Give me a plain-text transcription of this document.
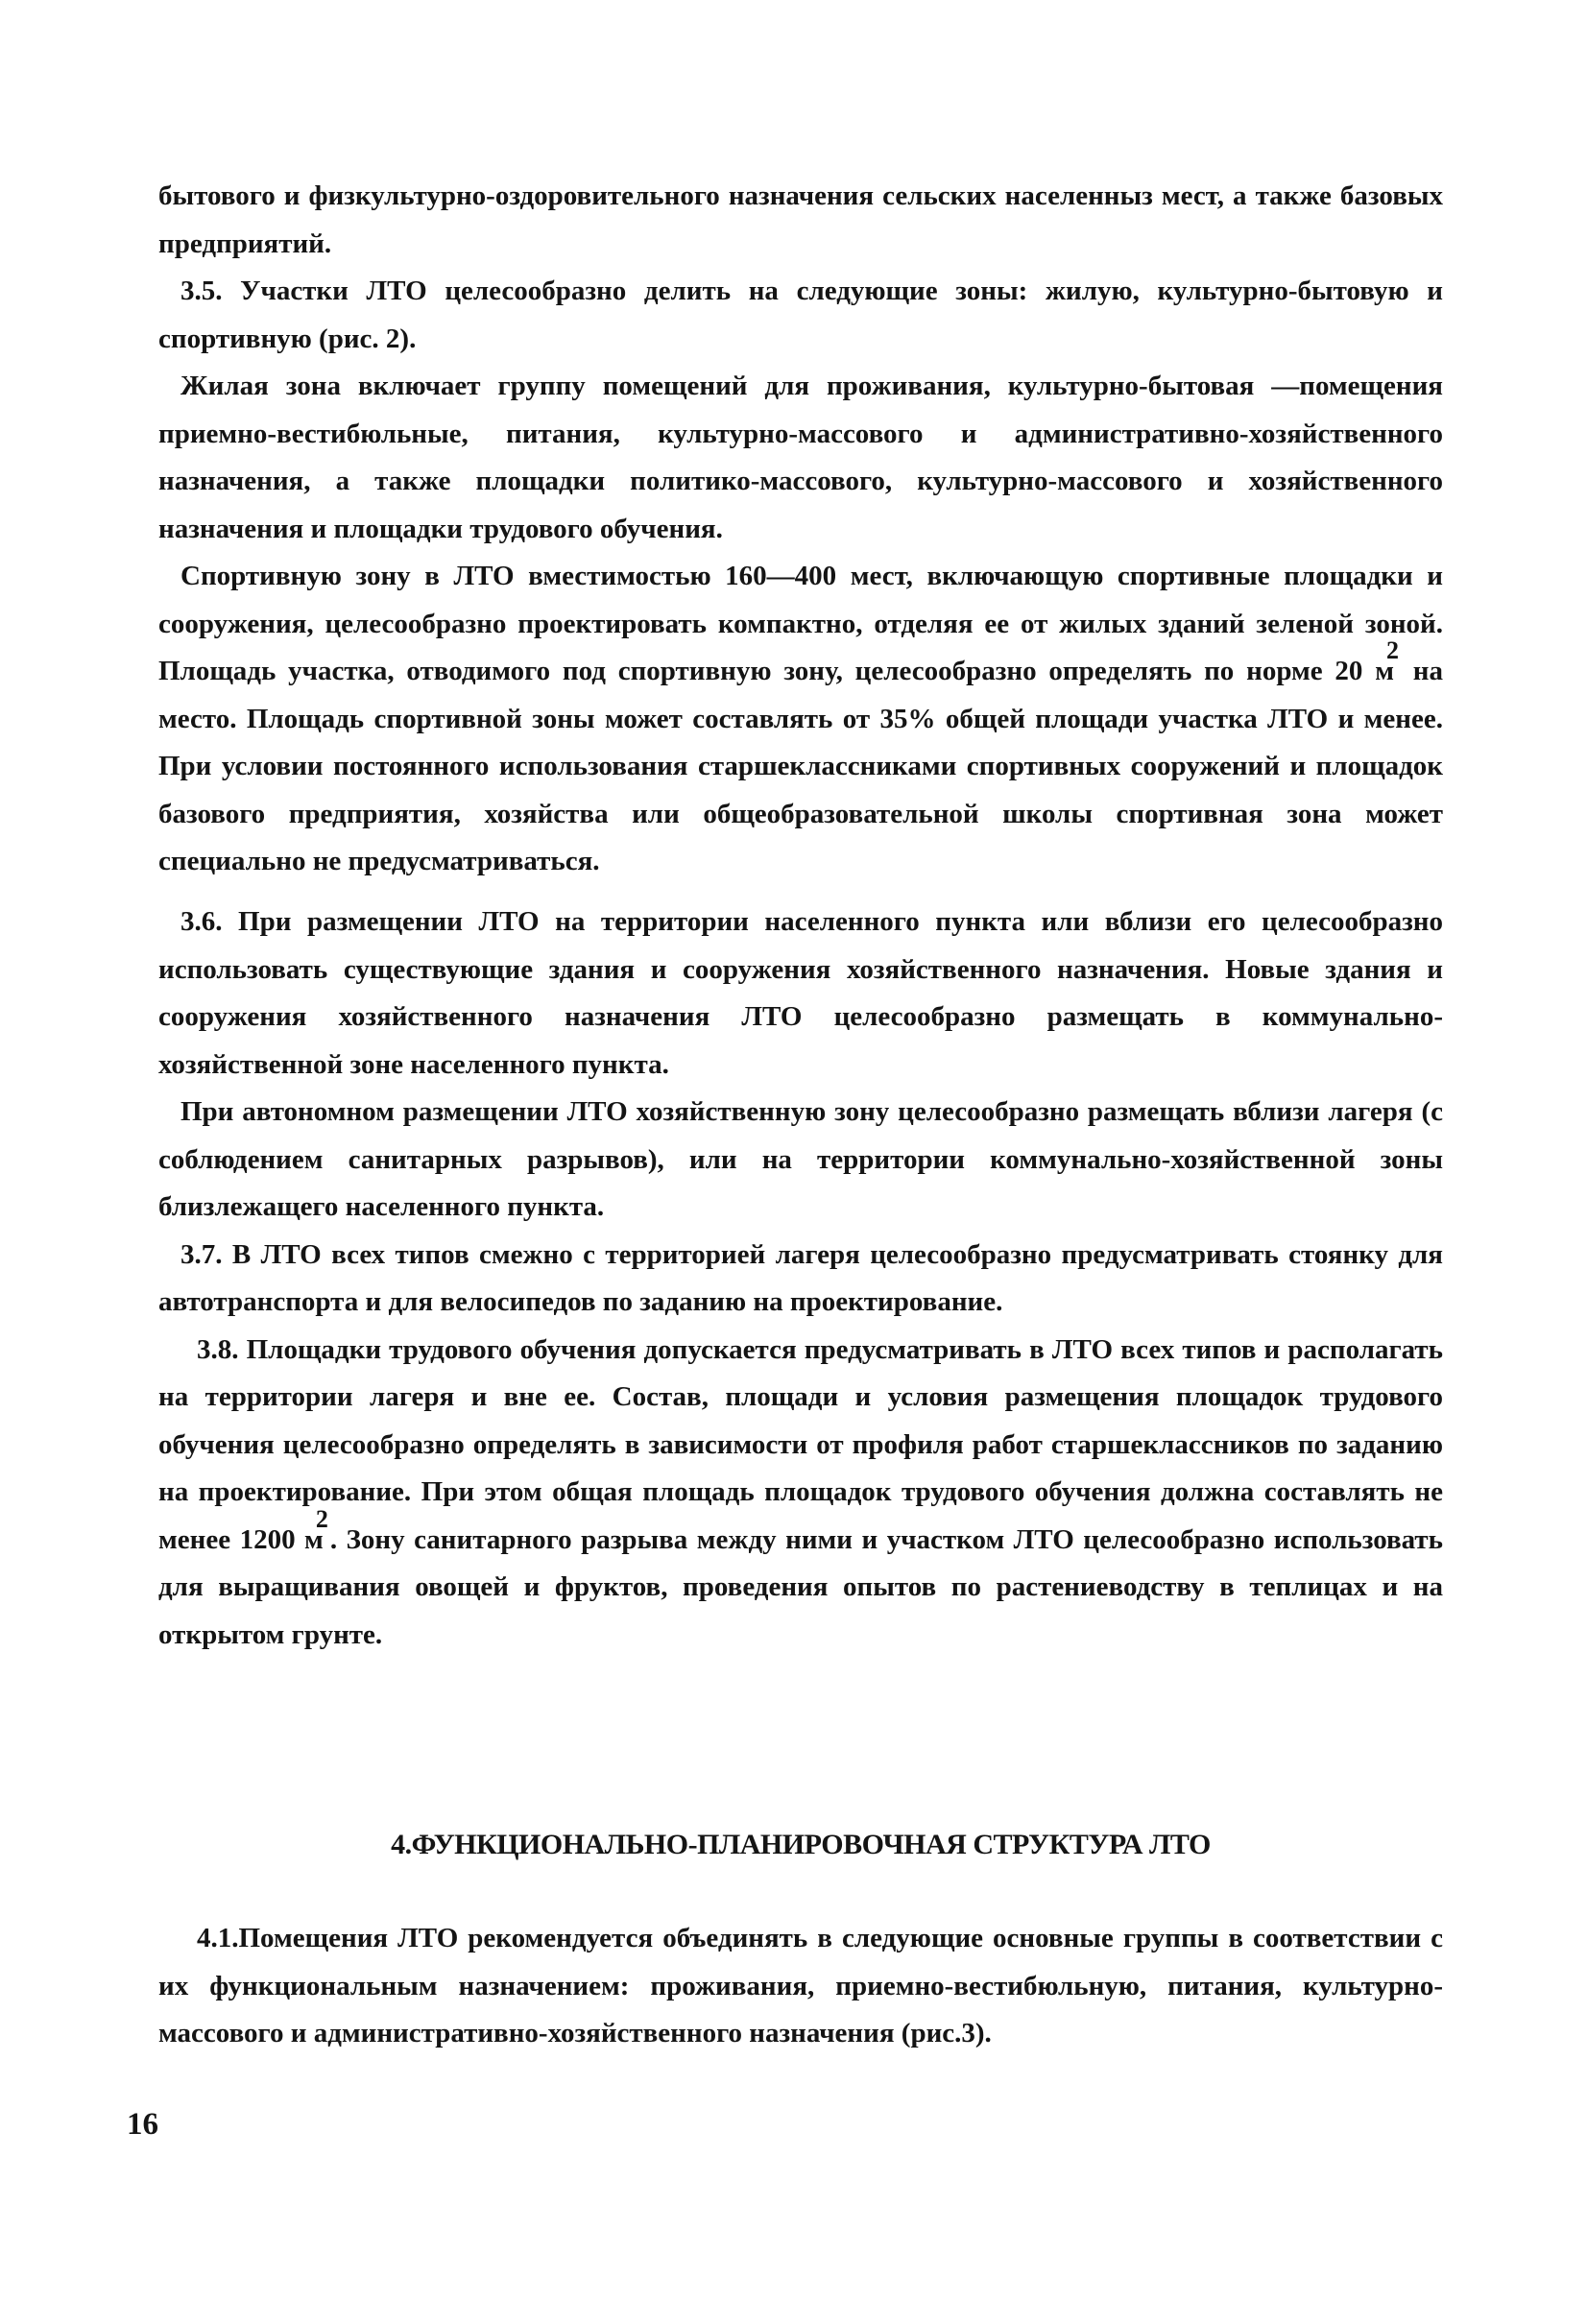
бытового и физкультурно-оздоровительного назначения сельских населенныз мест, а также базовых предприятий.

3.5. Участки ЛТО целесообразно делить на следующие зоны: жилую, культурно-бытовую и спортивную (рис. 2).

Жилая зона включает группу помещений для проживания, культурно-бытовая —помещения приемно-вестибюльные, питания, культурно-массового и административно-хозяйственного назначения, а также площадки политико-массового, культурно-массового и хозяйственного назначения и площадки трудового обучения.

Спортивную зону в ЛТО вместимостью 160—400 мест, включающую спортивные площадки и сооружения, целесообразно проектировать компактно, отделяя ее от жилых зданий зеленой зоной. Площадь участка, отводимого под спортивную зону, целесообразно определять по норме 20 м2 на место. Площадь спортивной зоны может составлять от 35% общей площади участка ЛТО и менее. При условии постоянного использования старшеклассниками спортивных сооружений и площадок базового предприятия, хозяйства или общеобразовательной школы спортивная зона может специально не предусматриваться.

3.6. При размещении ЛТО на территории населенного пункта или вблизи его целесообразно использовать существующие здания и сооружения хозяйственного назначения. Новые здания и сооружения хозяйственного назначения ЛТО целесообразно размещать в коммунально-хозяйственной зоне населенного пункта.

При автономном размещении ЛТО хозяйственную зону целесообразно размещать вблизи лагеря (с соблюдением санитарных разрывов), или на территории коммунально-хозяйственной зоны близлежащего населенного пункта.

3.7. В ЛТО всех типов смежно с территорией лагеря целесообразно предусматривать стоянку для автотранспорта и для велосипедов по заданию на проектирование.

3.8. Площадки трудового обучения допускается предусматривать в ЛТО всех типов и располагать на территории лагеря и вне ее. Состав, площади и условия размещения площадок трудового обучения целесообразно определять в зависимости от профиля работ старшеклассников по заданию на проектирование. При этом общая площадь площадок трудового обучения должна составлять не менее 1200 м2. Зону санитарного разрыва между ними и участком ЛТО целесообразно использовать для выращивания овощей и фруктов, проведения опытов по растениеводству в теплицах и на открытом грунте.

4.ФУНКЦИОНАЛЬНО-ПЛАНИРОВОЧНАЯ СТРУКТУРА ЛТО

4.1.Помещения ЛТО рекомендуется объединять в следующие основные группы в соответствии с их функциональным назначением: проживания, приемно-вестибюльную, питания, культурно-массового и административно-хозяйственного назначения (рис.3).

16
